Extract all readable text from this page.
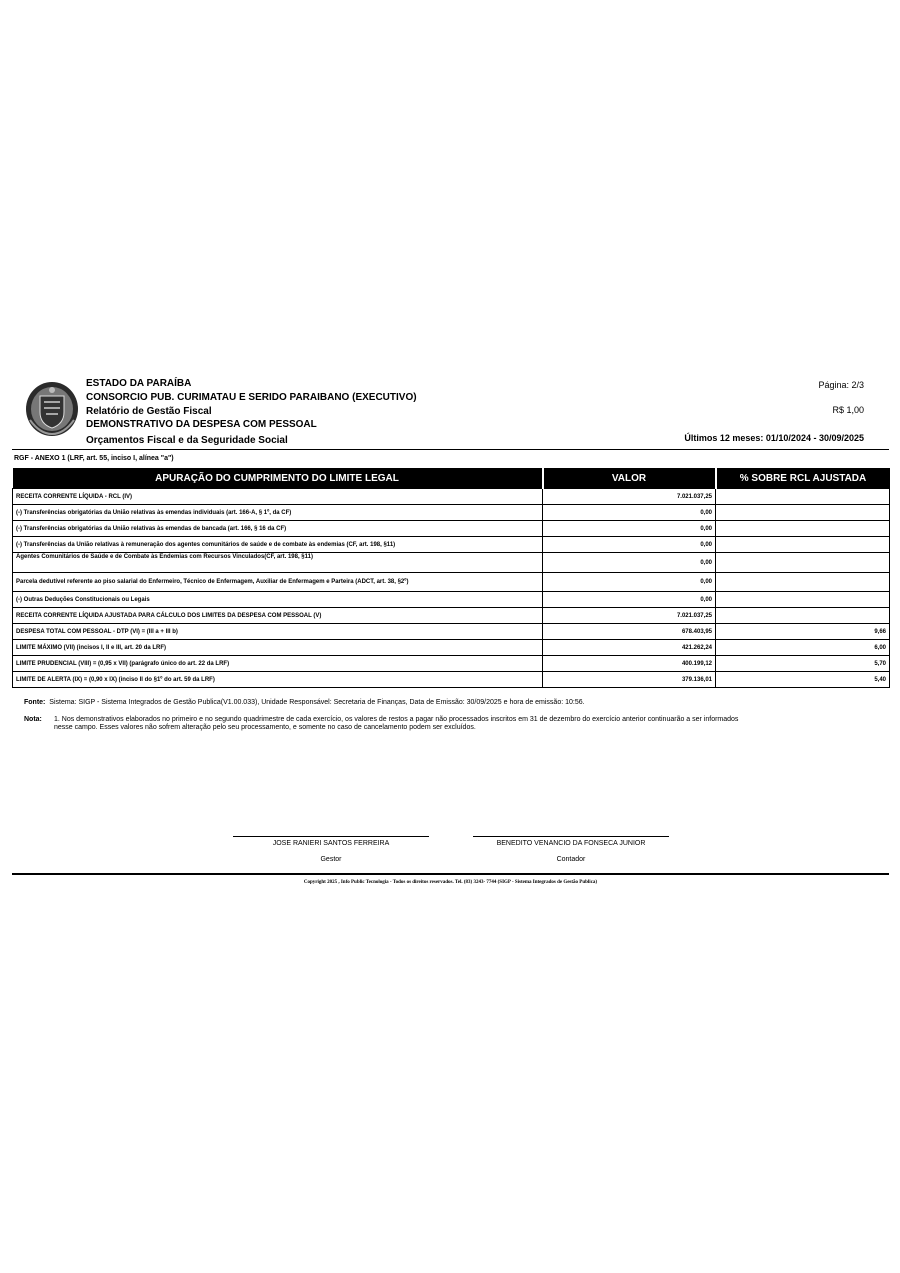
ESTADO DA PARAÍBA
CONSORCIO PUB. CURIMATAU E SERIDO PARAIBANO (EXECUTIVO)
Relatório de Gestão Fiscal
DEMONSTRATIVO DA DESPESA COM PESSOAL
Orçamentos Fiscal e da Seguridade Social
Página: 2/3
R$ 1,00
Últimos 12 meses: 01/10/2024 - 30/09/2025
RGF - ANEXO 1 (LRF, art. 55, inciso I, alínea "a")
APURAÇÃO DO CUMPRIMENTO DO LIMITE LEGAL	VALOR	% SOBRE RCL AJUSTADA
RECEITA CORRENTE LÍQUIDA - RCL (IV)	7.021.037,25	
(-) Transferências obrigatórias da União relativas às emendas individuais (art. 166-A, § 1º, da CF)	0,00	
(-) Transferências obrigatórias da União relativas às emendas de bancada (art. 166, § 16 da CF)	0,00	
(-) Transferências da União relativas à remuneração dos agentes comunitários de saúde e de combate às endemias (CF, art. 198, §11)	0,00	
Agentes Comunitários de Saúde e de Combate às Endemias com Recursos Vinculados(CF, art. 198, §11)	0,00	
Parcela dedutível referente ao piso salarial do Enfermeiro, Técnico de Enfermagem, Auxiliar de Enfermagem e Parteira (ADCT, art. 38, §2º)	0,00	
(-) Outras Deduções Constitucionais ou Legais	0,00	
RECEITA CORRENTE LÍQUIDA AJUSTADA PARA CÁLCULO DOS LIMITES DA DESPESA COM PESSOAL (V)	7.021.037,25	
DESPESA TOTAL COM PESSOAL - DTP (VI) = (III a + III b)	678.403,95	9,66
LIMITE MÁXIMO (VII) (incisos I, II e III, art. 20 da LRF)	421.262,24	6,00
LIMITE PRUDENCIAL (VIII) = (0,95 x VII) (parágrafo único do art. 22 da LRF)	400.199,12	5,70
LIMITE DE ALERTA (IX) = (0,90 x IX) (inciso II do §1º do art. 59 da LRF)	379.136,01	5,40
Fonte: Sistema: SIGP - Sistema Integrados de Gestão Publica(V1.00.033), Unidade Responsável: Secretaria de Finanças, Data de Emissão: 30/09/2025 e hora de emissão: 10:56.
Nota: 1. Nos demonstrativos elaborados no primeiro e no segundo quadrimestre de cada exercício, os valores de restos a pagar não processados inscritos em 31 de dezembro do exercício anterior continuarão a ser informados nesse campo. Esses valores não sofrem alteração pelo seu processamento, e somente no caso de cancelamento podem ser excluídos.
JOSE RANIERI SANTOS FERREIRA
Gestor
BENEDITO VENANCIO DA FONSECA JUNIOR
Contador
Copyright 2025 , Info Public Tecnologia - Todos os direitos reservados. Tel. (83) 3243- 7744 (SIGP - Sistema Integrados de Gestão Publica)
